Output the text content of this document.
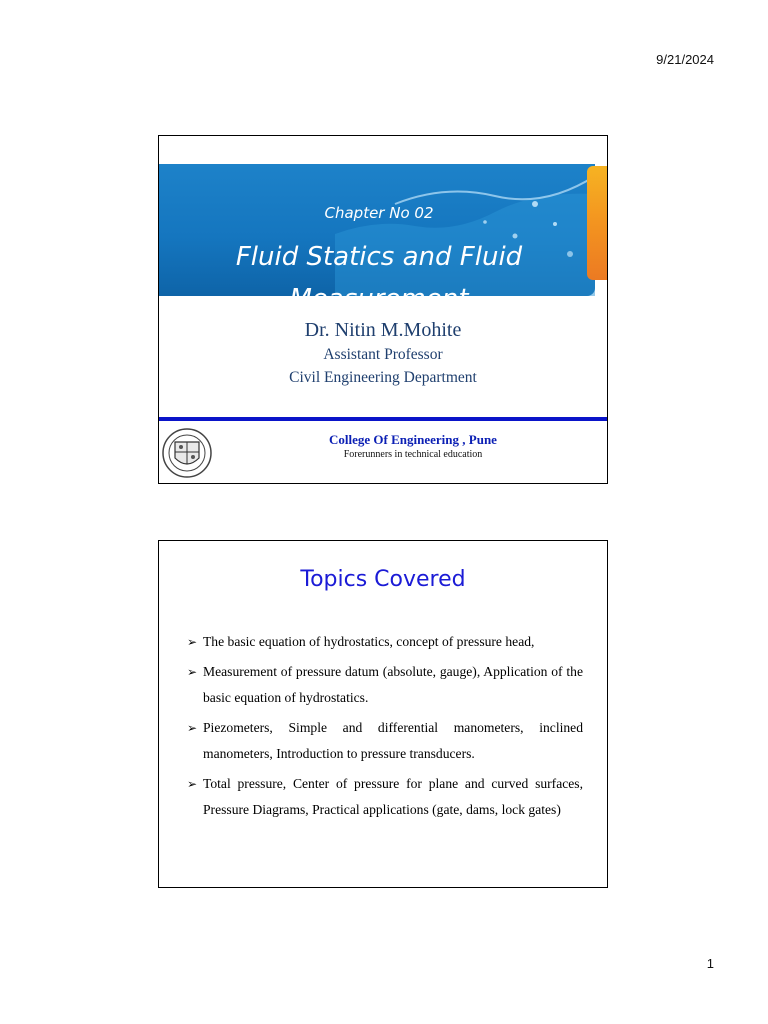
9/21/2024
Chapter No 02
Fluid Statics and Fluid
Measurement
Dr. Nitin M.Mohite
Assistant Professor
Civil Engineering Department
College Of Engineering , Pune
Forerunners in technical education
Topics Covered
➢ The basic equation of hydrostatics, concept of pressure head,
➢ Measurement of pressure datum (absolute, gauge), Application of the basic equation of hydrostatics.
➢ Piezometers, Simple and differential manometers, inclined manometers, Introduction to pressure transducers.
➢ Total pressure, Center of pressure for plane and curved surfaces, Pressure Diagrams, Practical applications (gate, dams, lock gates)
1
